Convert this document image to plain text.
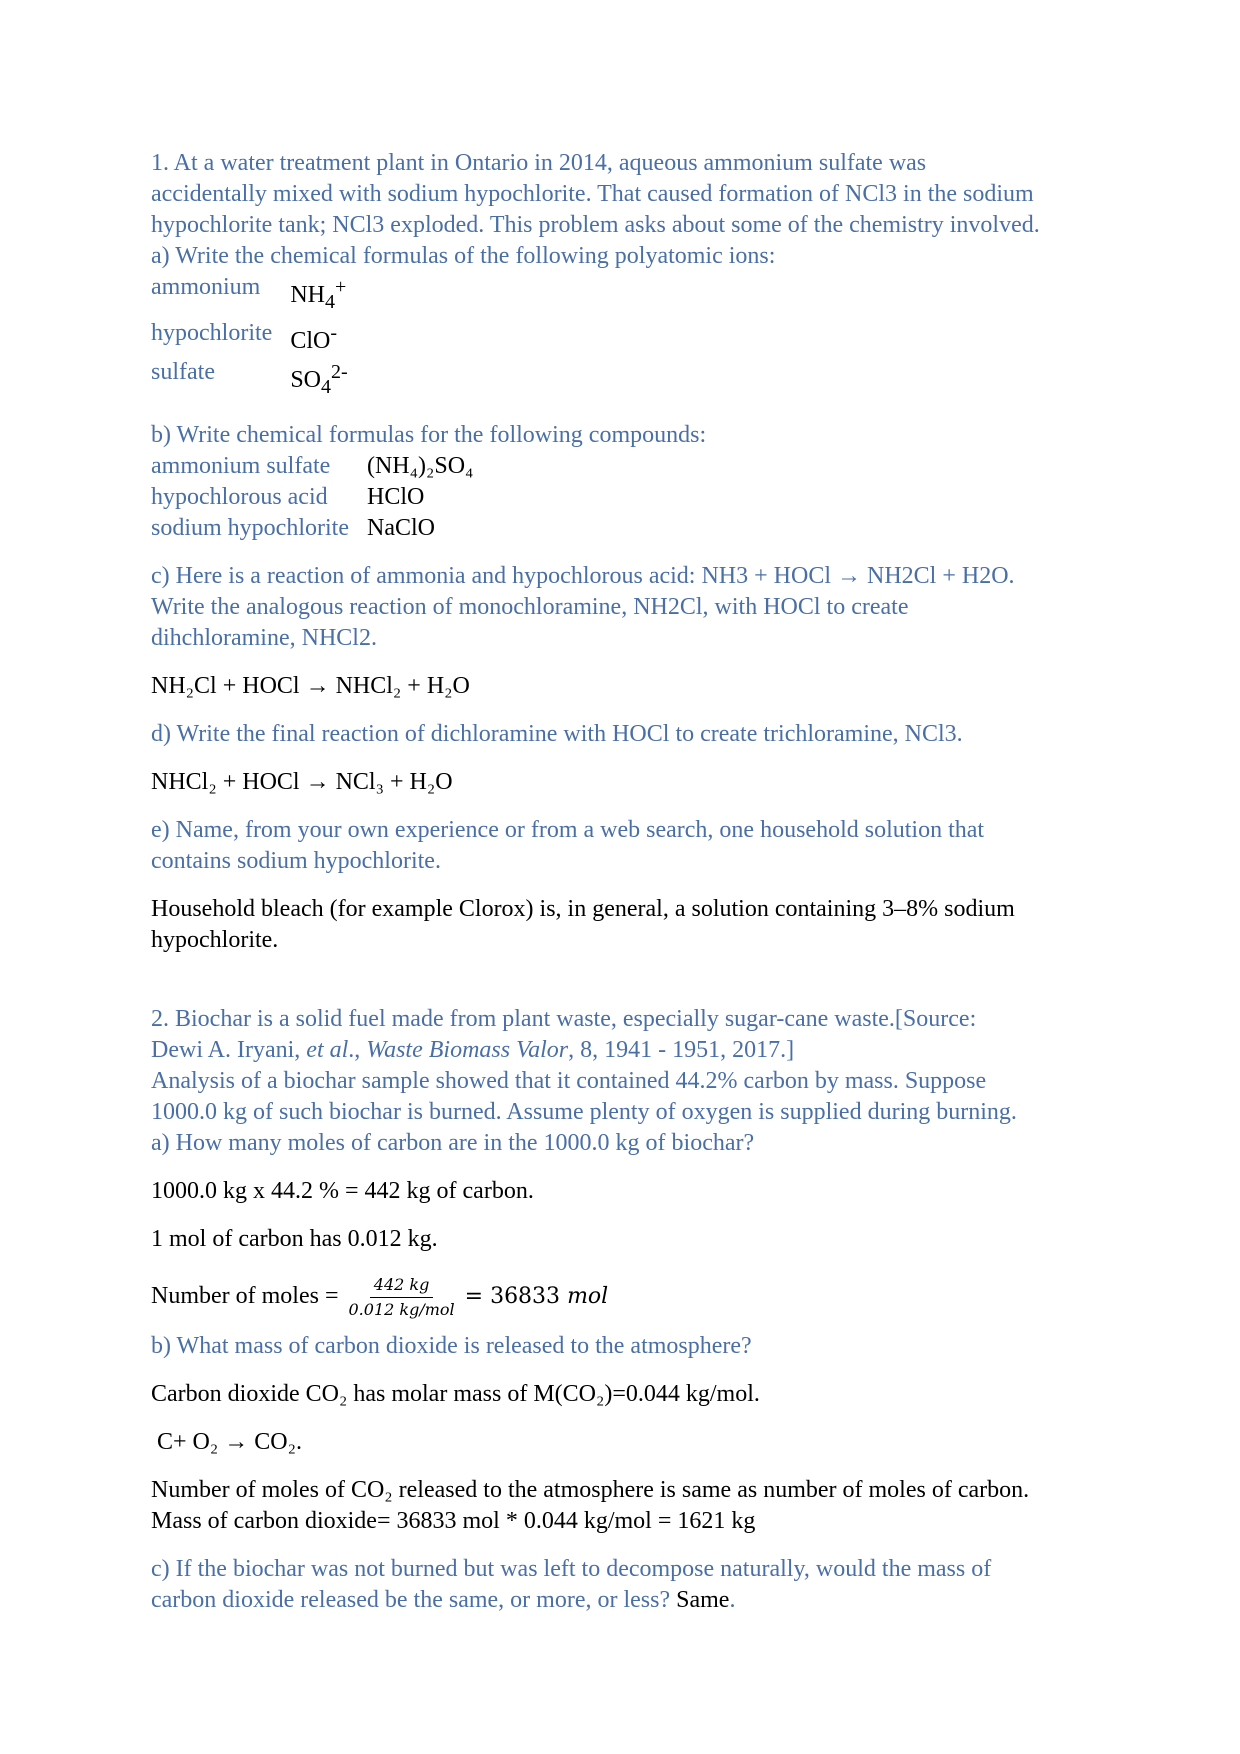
1. At a water treatment plant in Ontario in 2014, aqueous ammonium sulfate was

accidentally mixed with sodium hypochlorite. That caused formation of NCl3 in the sodium

hypochlorite tank; NCl3 exploded. This problem asks about some of the chemistry involved.

a) Write the chemical formulas of the following polyatomic ions:

ammonium	$NH_4^+$
hypochlorite	ClO-
sulfate	$SO_4^{2-}$

b) Write chemical formulas for the following compounds:

ammonium sulfate	(NH₄)₂SO₄
hypochlorous acid	HClO
sodium hypochlorite	NaClO

c) Here is a reaction of ammonia and hypochlorous acid: NH3 + HOCl → NH2Cl + H2O.

Write the analogous reaction of monochloramine, NH2Cl, with HOCl to create

dihchloramine, NHCl2.

NH₂Cl + HOCl → NHCl₂ + H₂O

d) Write the final reaction of dichloramine with HOCl to create trichloramine, NCl3.

NHCl₂ + HOCl → NCl₃ + H₂O

e) Name, from your own experience or from a web search, one household solution that

contains sodium hypochlorite.

Household bleach (for example Clorox) is, in general, a solution containing 3–8% sodium

hypochlorite.

2. Biochar is a solid fuel made from plant waste, especially sugar-cane waste.[Source:

Dewi A. Iryani, et al., Waste Biomass Valor, 8, 1941 - 1951, 2017.]

Analysis of a biochar sample showed that it contained 44.2% carbon by mass. Suppose

1000.0 kg of such biochar is burned. Assume plenty of oxygen is supplied during burning.

a) How many moles of carbon are in the 1000.0 kg of biochar?

1000.0 kg x 44.2 % = 442 kg of carbon.

1 mol of carbon has 0.012 kg.

Number of moles = $\frac{442 kg}{\text{0.012 kg/mol}} = 36833$ mol

b) What mass of carbon dioxide is released to the atmosphere?

Carbon dioxide CO₂ has molar mass of M(CO₂)=0.044 kg/mol.

C+ O₂ → CO₂.

Number of moles of CO₂ released to the atmosphere is same as number of moles of carbon.

Mass of carbon dioxide= 36833 mol * 0.044 kg/mol = 1621 kg

c) If the biochar was not burned but was left to decompose naturally, would the mass of

carbon dioxide released be the same, or more, or less? Same.
